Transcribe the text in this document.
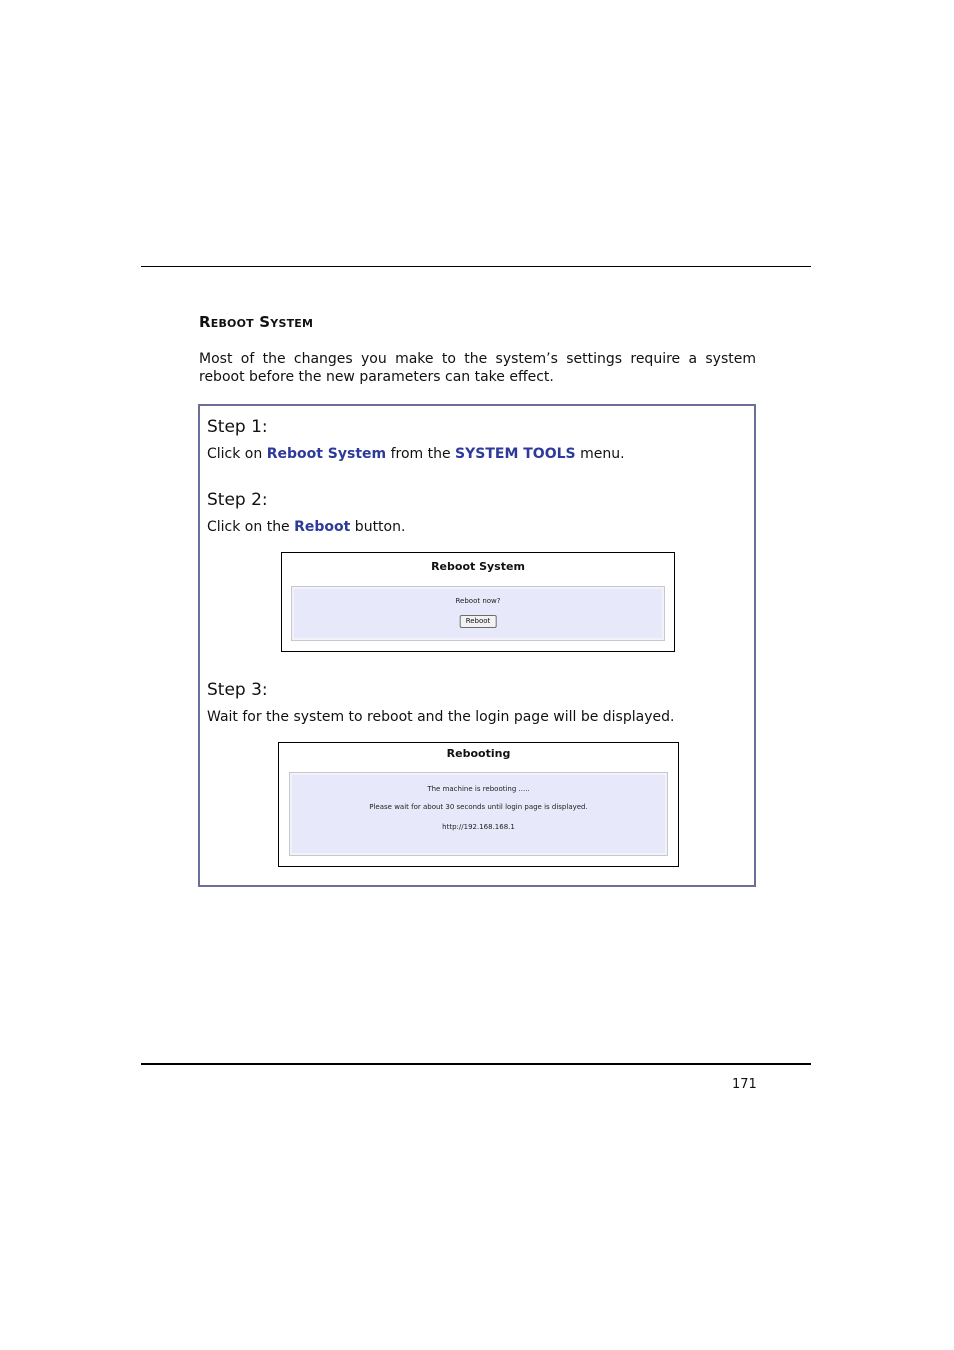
Reboot System

Most of the changes you make to the system’s settings require a system reboot before the new parameters can take effect.

Step 1:

Click on Reboot System from the SYSTEM TOOLS menu.

Step 2:

Click on the Reboot button.

Reboot System

Reboot now?

Reboot
Step 3:

Wait for the system to reboot and the login page will be displayed.

Rebooting

The machine is rebooting .....

Please wait for about 30 seconds until login page is displayed.

http://192.168.168.1

171
